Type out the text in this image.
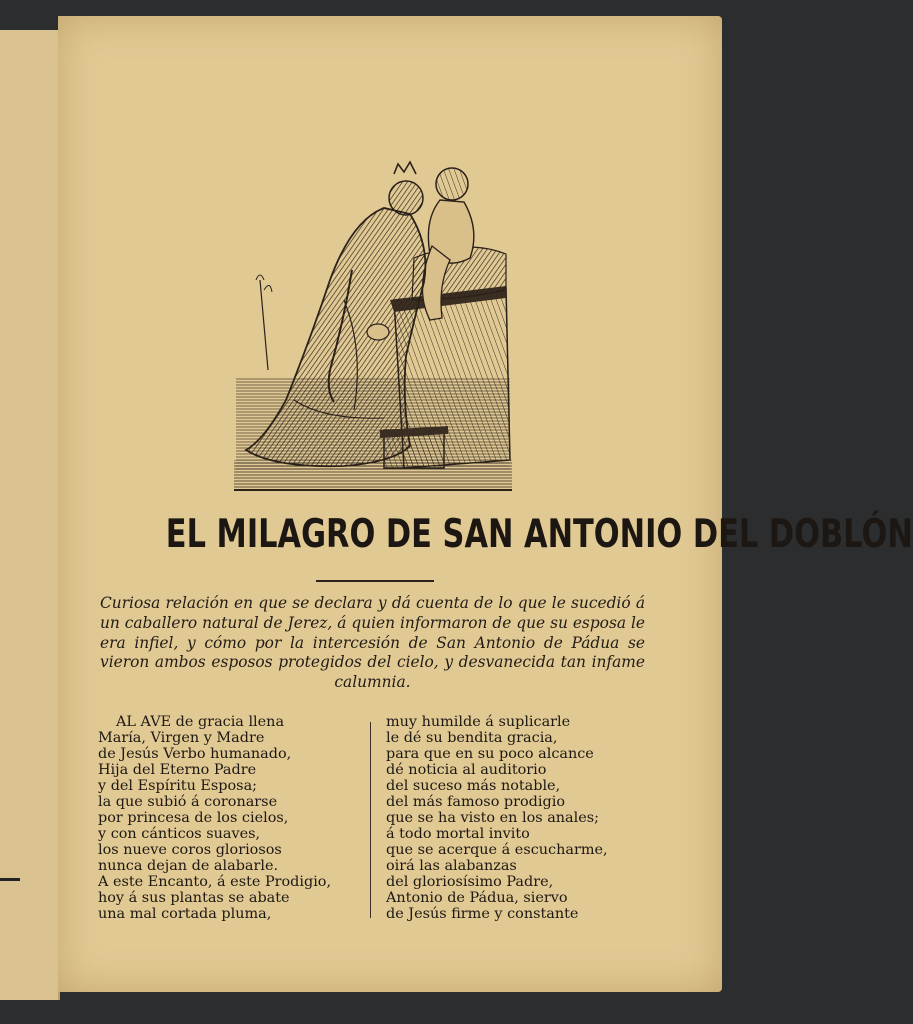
EL MILAGRO DE SAN ANTONIO DEL DOBLÓN

Curiosa relación en que se declara y dá cuenta de lo que le sucedió á un caballero natural de Jerez, á quien informaron de que su esposa le era infiel, y cómo por la intercesión de San Antonio de Pádua se vieron ambos esposos protegidos del cielo, y desvanecida tan infame calumnia.

AL AVE de gracia llena
María, Virgen y Madre
de Jesús Verbo humanado,
Hija del Eterno Padre
y del Espíritu Esposa;
la que subió á coronarse
por princesa de los cielos,
y con cánticos suaves,
los nueve coros gloriosos
nunca dejan de alabarle.
A este Encanto, á este Prodigio,
hoy á sus plantas se abate
una mal cortada pluma,
muy humilde á suplicarle
le dé su bendita gracia,
para que en su poco alcance
dé noticia al auditorio
del suceso más notable,
del más famoso prodigio
que se ha visto en los anales;
á todo mortal invito
que se acerque á escucharme,
oirá las alabanzas
del gloriosísimo Padre,
Antonio de Pádua, siervo
de Jesús firme y constante
